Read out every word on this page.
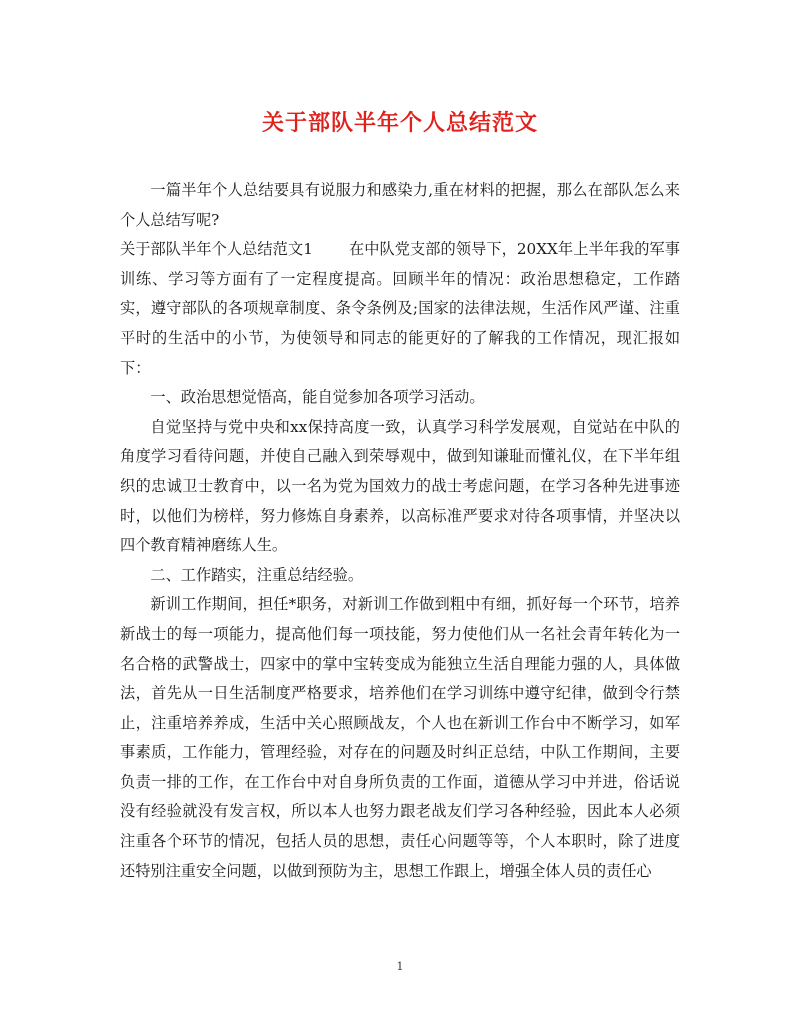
关于部队半年个人总结范文

一篇半年个人总结要具有说服力和感染力,重在材料的把握，那么在部队怎么来个人总结写呢?

关于部队半年个人总结范文1 在中队党支部的领导下，20XX年上半年我的军事训练、学习等方面有了一定程度提高。回顾半年的情况：政治思想稳定，工作踏实，遵守部队的各项规章制度、条令条例及;国家的法律法规，生活作风严谨、注重平时的生活中的小节，为使领导和同志的能更好的了解我的工作情况，现汇报如下：

一、政治思想觉悟高，能自觉参加各项学习活动。

自觉坚持与党中央和xx保持高度一致，认真学习科学发展观，自觉站在中队的角度学习看待问题，并使自己融入到荣辱观中，做到知谦耻而懂礼仪，在下半年组织的忠诚卫士教育中，以一名为党为国效力的战士考虑问题，在学习各种先进事迹时，以他们为榜样，努力修炼自身素养，以高标准严要求对待各项事情，并坚决以四个教育精神磨练人生。

二、工作踏实，注重总结经验。

新训工作期间，担任*职务，对新训工作做到粗中有细，抓好每一个环节，培养新战士的每一项能力，提高他们每一项技能，努力使他们从一名社会青年转化为一名合格的武警战士，四家中的掌中宝转变成为能独立生活自理能力强的人，具体做法，首先从一日生活制度严格要求，培养他们在学习训练中遵守纪律，做到令行禁止，注重培养养成，生活中关心照顾战友，个人也在新训工作台中不断学习，如军事素质，工作能力，管理经验，对存在的问题及时纠正总结，中队工作期间，主要负责一排的工作，在工作台中对自身所负责的工作面，道德从学习中并进，俗话说没有经验就没有发言权，所以本人也努力跟老战友们学习各种经验，因此本人必须注重各个环节的情况，包括人员的思想，责任心问题等等，个人本职时，除了进度还特别注重安全问题，以做到预防为主，思想工作跟上，增强全体人员的责任心

1
